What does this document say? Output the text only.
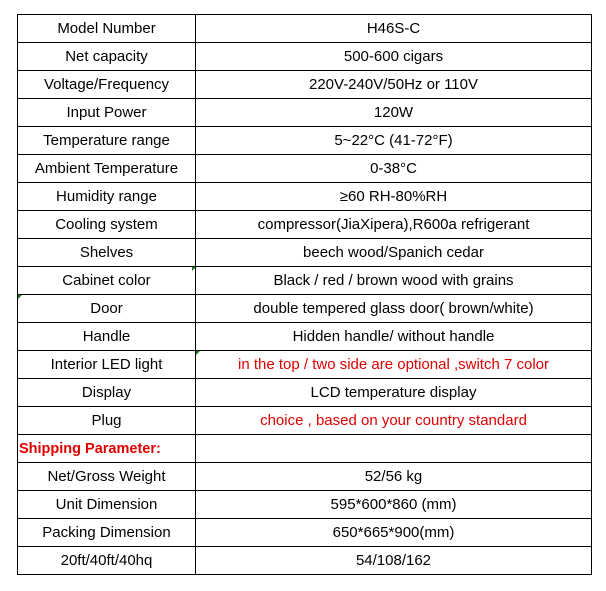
Model Number	H46S-C
Net capacity	500-600 cigars
Voltage/Frequency	220V-240V/50Hz or 110V
Input Power	120W
Temperature range	5~22°C (41-72°F)
Ambient Temperature	0-38°C
Humidity range	≥60 RH-80%RH
Cooling system	compressor(JiaXipera),R600a refrigerant
Shelves	beech wood/Spanich cedar

Cabinet color	Black / red / brown wood with grains

Door	double tempered glass door( brown/white)
Handle	Hidden handle/ without handle
Interior LED light	in the top / two side are optional ,switch 7 color
Display	LCD temperature display
Plug	choice , based on your country standard
Shipping Parameter:	
Net/Gross Weight	52/56 kg
Unit Dimension	595*600*860 (mm)
Packing Dimension	650*665*900(mm)
20ft/40ft/40hq	54/108/162
